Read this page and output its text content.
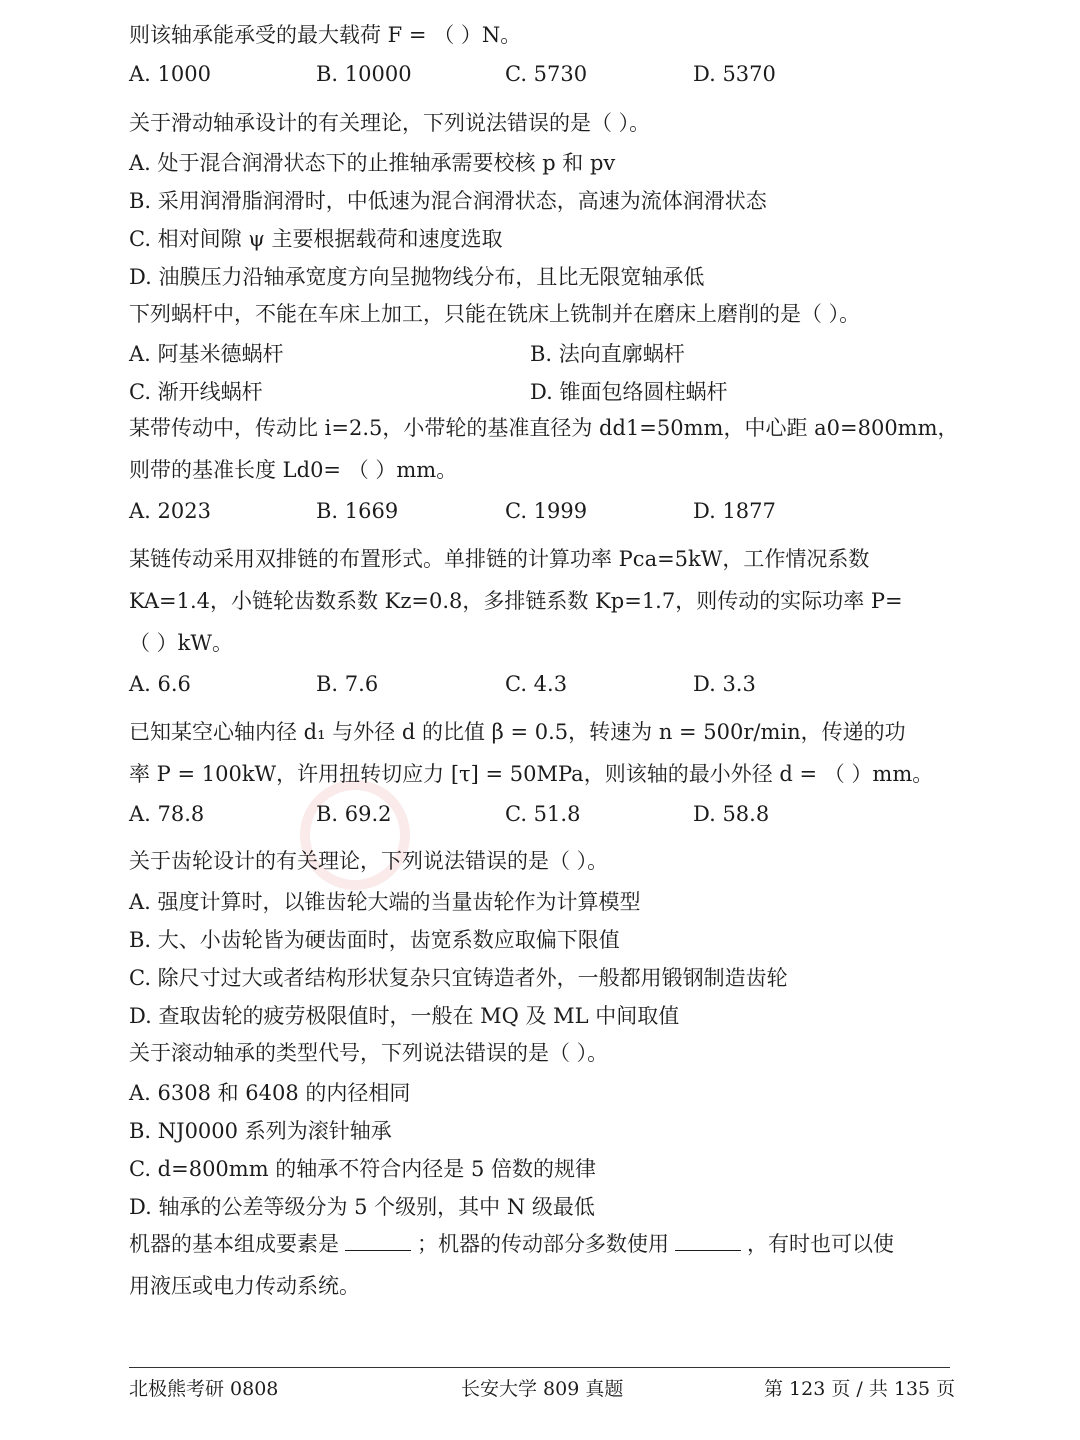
则该轴承能承受的最大载荷 F = （ ）N。
A. 1000	B. 10000	C. 5730	D. 5370
关于滑动轴承设计的有关理论，下列说法错误的是（ ）。
A. 处于混合润滑状态下的止推轴承需要校核 p 和 pv
B. 采用润滑脂润滑时，中低速为混合润滑状态，高速为流体润滑状态
C. 相对间隙 ψ 主要根据载荷和速度选取
D. 油膜压力沿轴承宽度方向呈抛物线分布，且比无限宽轴承低
下列蜗杆中，不能在车床上加工，只能在铣床上铣制并在磨床上磨削的是（ ）。
A. 阿基米德蜗杆	B. 法向直廓蜗杆
C. 渐开线蜗杆	D. 锥面包络圆柱蜗杆
某带传动中，传动比 i=2.5，小带轮的基准直径为 dd1=50mm，中心距 a0=800mm，
则带的基准长度 Ld0= （ ）mm。
A. 2023	B. 1669	C. 1999	D. 1877
某链传动采用双排链的布置形式。单排链的计算功率 Pca=5kW，工作情况系数
KA=1.4，小链轮齿数系数 Kz=0.8，多排链系数 Kp=1.7，则传动的实际功率 P=
（ ）kW。
A. 6.6	B. 7.6	C. 4.3	D. 3.3
已知某空心轴内径 d₁ 与外径 d 的比值 β = 0.5，转速为 n = 500r/min，传递的功
率 P = 100kW，许用扭转切应力 [τ] = 50MPa，则该轴的最小外径 d = （ ）mm。
A. 78.8	B. 69.2	C. 51.8	D. 58.8
关于齿轮设计的有关理论，下列说法错误的是（ ）。
A. 强度计算时，以锥齿轮大端的当量齿轮作为计算模型
B. 大、小齿轮皆为硬齿面时，齿宽系数应取偏下限值
C. 除尺寸过大或者结构形状复杂只宜铸造者外，一般都用锻钢制造齿轮
D. 查取齿轮的疲劳极限值时，一般在 MQ 及 ML 中间取值
关于滚动轴承的类型代号，下列说法错误的是（ ）。
A. 6308 和 6408 的内径相同
B. NJ0000 系列为滚针轴承
C. d=800mm 的轴承不符合内径是 5 倍数的规律
D. 轴承的公差等级分为 5 个级别，其中 N 级最低
机器的基本组成要素是	；机器的传动部分多数使用	，有时也可以使
用液压或电力传动系统。
北极熊考研 0808	长安大学 809 真题	第 123 页 / 共 135 页
